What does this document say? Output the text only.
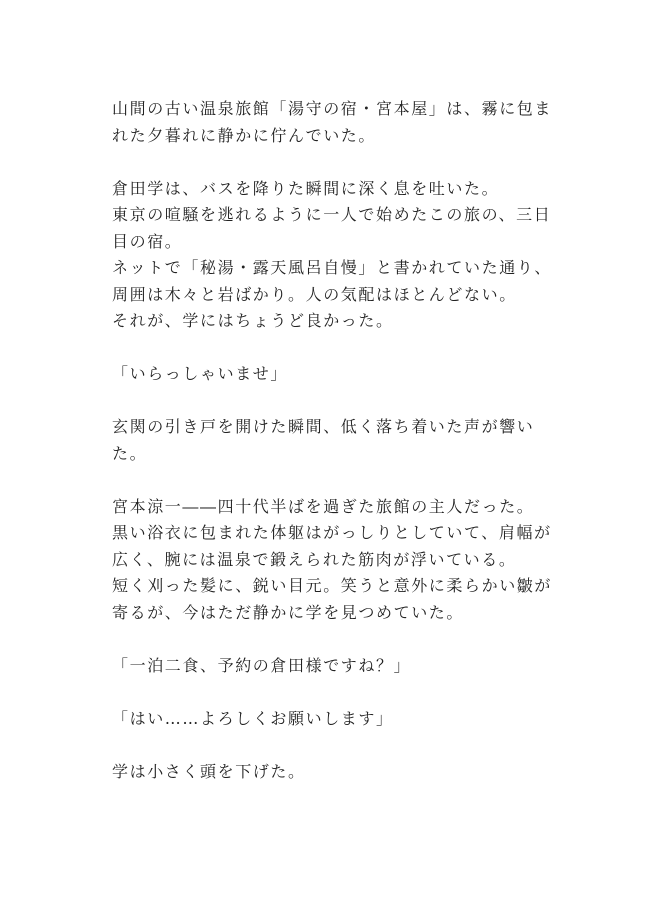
山間の古い温泉旅館「湯守の宿・宮本屋」は、霧に包ま
れた夕暮れに静かに佇んでいた。
倉田学は、バスを降りた瞬間に深く息を吐いた。
東京の喧騒を逃れるように一人で始めたこの旅の、三日
目の宿。
ネットで「秘湯・露天風呂自慢」と書かれていた通り、
周囲は木々と岩ばかり。人の気配はほとんどない。
それが、学にはちょうど良かった。
「いらっしゃいませ」
玄関の引き戸を開けた瞬間、低く落ち着いた声が響い
た。
宮本涼一――四十代半ばを過ぎた旅館の主人だった。
黒い浴衣に包まれた体躯はがっしりとしていて、肩幅が
広く、腕には温泉で鍛えられた筋肉が浮いている。
短く刈った髪に、鋭い目元。笑うと意外に柔らかい皺が
寄るが、今はただ静かに学を見つめていた。
「一泊二食、予約の倉田様ですね？」
「はい……よろしくお願いします」
学は小さく頭を下げた。
